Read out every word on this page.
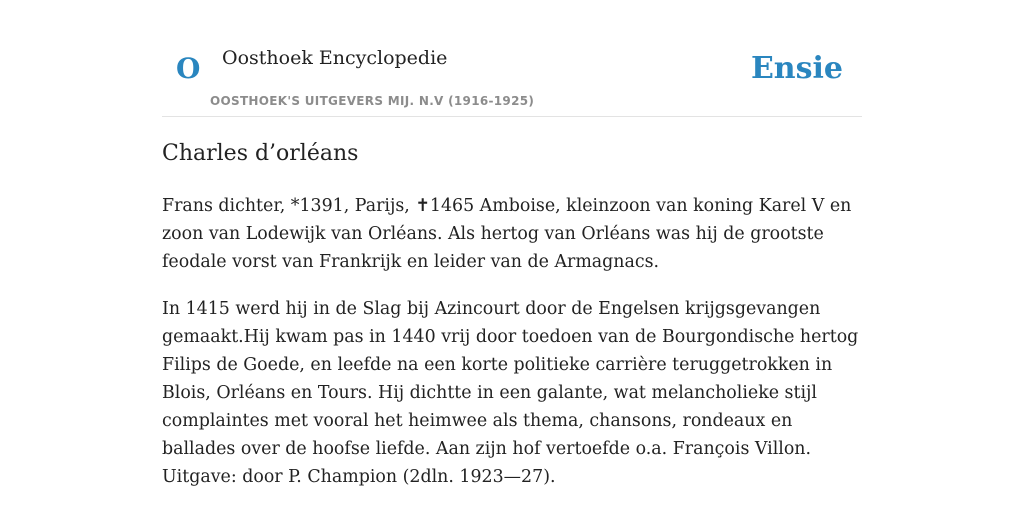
O Oosthoek Encyclopedie
OOSTHOEK'S UITGEVERS MIJ. N.V (1916-1925)
Ensie
Charles d’orléans

Frans dichter, *1391, Parijs, ✝1465 Amboise, kleinzoon van koning Karel V en zoon van Lodewijk van Orléans. Als hertog van Orléans was hij de grootste feodale vorst van Frankrijk en leider van de Armagnacs.

In 1415 werd hij in de Slag bij Azincourt door de Engelsen krijgsgevangen gemaakt.Hij kwam pas in 1440 vrij door toedoen van de Bourgondische hertog Filips de Goede, en leefde na een korte politieke carrière teruggetrokken in Blois, Orléans en Tours. Hij dichtte in een galante, wat melancholieke stijl complaintes met vooral het heimwee als thema, chansons, rondeaux en ballades over de hoofse liefde. Aan zijn hof vertoefde o.a. François Villon. Uitgave: door P. Champion (2dln. 1923—27).
